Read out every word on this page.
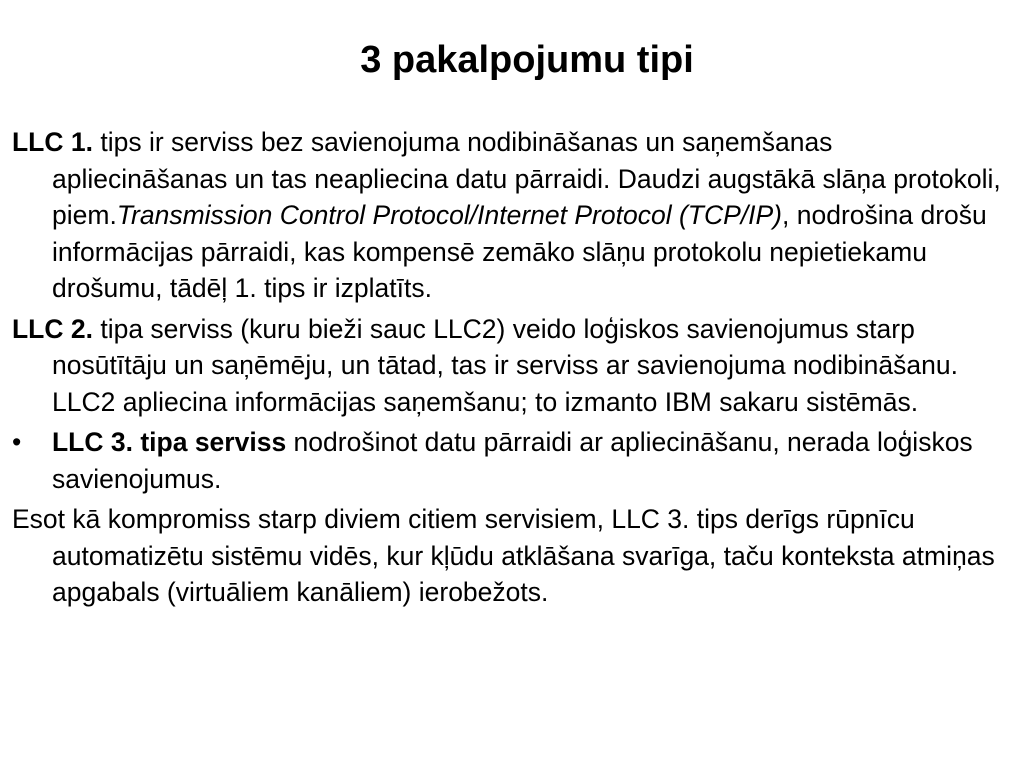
3 pakalpojumu tipi

LLC 1. tips ir serviss bez savienojuma nodibināšanas un saņemšanas apliecināšanas un tas neapliecina datu pārraidi. Daudzi augstākā slāņa protokoli, piem.Transmission Control Protocol/Internet Protocol (TCP/IP), nodrošina drošu informācijas pārraidi, kas kompensē zemāko slāņu protokolu nepietiekamu drošumu, tādēļ 1. tips ir izplatīts.

LLC 2. tipa serviss (kuru bieži sauc LLC2) veido loģiskos savienojumus starp nosūtītāju un saņēmēju, un tātad, tas ir serviss ar savienojuma nodibināšanu. LLC2 apliecina informācijas saņemšanu; to izmanto IBM sakaru sistēmās.

•	LLC 3. tipa serviss nodrošinot datu pārraidi ar apliecināšanu, nerada loģiskos savienojumus.

Esot kā kompromiss starp diviem citiem servisiem, LLC 3. tips derīgs rūpnīcu automatizētu sistēmu vidēs, kur kļūdu atklāšana svarīga, taču konteksta atmiņas apgabals (virtuāliem kanāliem) ierobežots.
